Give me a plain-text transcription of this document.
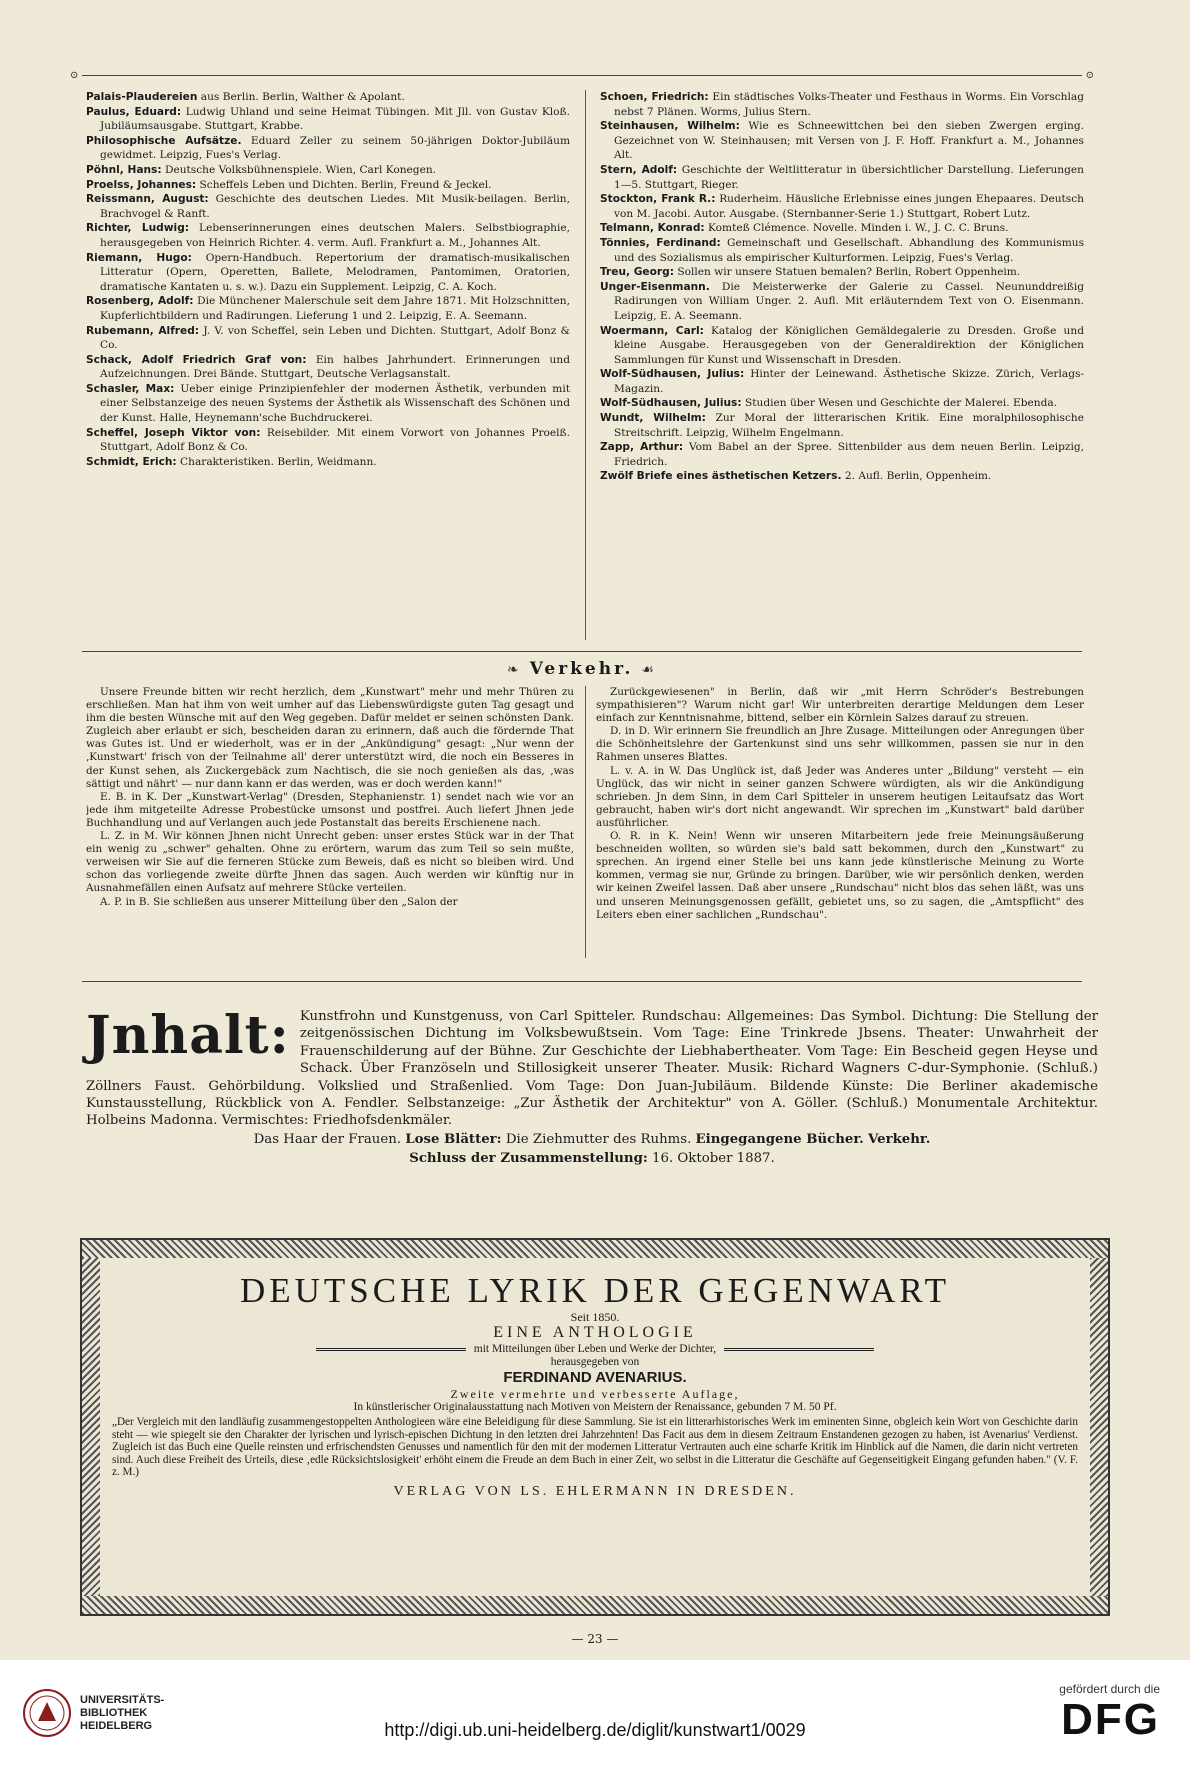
⊙	⊙
Palais-Plaudereien aus Berlin. Berlin, Walther & Apolant.
Paulus, Eduard: Ludwig Uhland und seine Heimat Tübingen. Mit Jll. von Gustav Kloß. Jubiläumsausgabe. Stuttgart, Krabbe.
Philosophische Aufsätze. Eduard Zeller zu seinem 50-jährigen Doktor-Jubiläum gewidmet. Leipzig, Fues's Verlag.
Pöhnl, Hans: Deutsche Volksbühnenspiele. Wien, Carl Konegen.
Proelss, Johannes: Scheffels Leben und Dichten. Berlin, Freund & Jeckel.
Reissmann, August: Geschichte des deutschen Liedes. Mit Musik-beilagen. Berlin, Brachvogel & Ranft.
Richter, Ludwig: Lebenserinnerungen eines deutschen Malers. Selbstbiographie, herausgegeben von Heinrich Richter. 4. verm. Aufl. Frankfurt a. M., Johannes Alt.
Riemann, Hugo: Opern-Handbuch. Repertorium der dramatisch-musikalischen Litteratur (Opern, Operetten, Ballete, Melodramen, Pantomimen, Oratorien, dramatische Kantaten u. s. w.). Dazu ein Supplement. Leipzig, C. A. Koch.
Rosenberg, Adolf: Die Münchener Malerschule seit dem Jahre 1871. Mit Holzschnitten, Kupferlichtbildern und Radirungen. Lieferung 1 und 2. Leipzig, E. A. Seemann.
Rubemann, Alfred: J. V. von Scheffel, sein Leben und Dichten. Stuttgart, Adolf Bonz & Co.
Schack, Adolf Friedrich Graf von: Ein halbes Jahrhundert. Erinnerungen und Aufzeichnungen. Drei Bände. Stuttgart, Deutsche Verlagsanstalt.
Schasler, Max: Ueber einige Prinzipienfehler der modernen Ästhetik, verbunden mit einer Selbstanzeige des neuen Systems der Ästhetik als Wissenschaft des Schönen und der Kunst. Halle, Heynemann'sche Buchdruckerei.
Scheffel, Joseph Viktor von: Reisebilder. Mit einem Vorwort von Johannes Proelß. Stuttgart, Adolf Bonz & Co.
Schmidt, Erich: Charakteristiken. Berlin, Weidmann.
Schoen, Friedrich: Ein städtisches Volks-Theater und Festhaus in Worms. Ein Vorschlag nebst 7 Plänen. Worms, Julius Stern.
Steinhausen, Wilhelm: Wie es Schneewittchen bei den sieben Zwergen erging. Gezeichnet von W. Steinhausen; mit Versen von J. F. Hoff. Frankfurt a. M., Johannes Alt.
Stern, Adolf: Geschichte der Weltlitteratur in übersichtlicher Darstellung. Lieferungen 1—5. Stuttgart, Rieger.
Stockton, Frank R.: Ruderheim. Häusliche Erlebnisse eines jungen Ehepaares. Deutsch von M. Jacobi. Autor. Ausgabe. (Sternbanner-Serie 1.) Stuttgart, Robert Lutz.
Telmann, Konrad: Komteß Clémence. Novelle. Minden i. W., J. C. C. Bruns.
Tönnies, Ferdinand: Gemeinschaft und Gesellschaft. Abhandlung des Kommunismus und des Sozialismus als empirischer Kulturformen. Leipzig, Fues's Verlag.
Treu, Georg: Sollen wir unsere Statuen bemalen? Berlin, Robert Oppenheim.
Unger-Eisenmann. Die Meisterwerke der Galerie zu Cassel. Neununddreißig Radirungen von William Unger. 2. Aufl. Mit erläuterndem Text von O. Eisenmann. Leipzig, E. A. Seemann.
Woermann, Carl: Katalog der Königlichen Gemäldegalerie zu Dresden. Große und kleine Ausgabe. Herausgegeben von der Generaldirektion der Königlichen Sammlungen für Kunst und Wissenschaft in Dresden.
Wolf-Südhausen, Julius: Hinter der Leinewand. Ästhetische Skizze. Zürich, Verlags-Magazin.
Wolf-Südhausen, Julius: Studien über Wesen und Geschichte der Malerei. Ebenda.
Wundt, Wilhelm: Zur Moral der litterarischen Kritik. Eine moralphilosophische Streitschrift. Leipzig, Wilhelm Engelmann.
Zapp, Arthur: Vom Babel an der Spree. Sittenbilder aus dem neuen Berlin. Leipzig, Friedrich.
Zwölf Briefe eines ästhetischen Ketzers. 2. Aufl. Berlin, Oppenheim.
❧ Verkehr. ☙

Unsere Freunde bitten wir recht herzlich, dem „Kunstwart" mehr und mehr Thüren zu erschließen. Man hat ihm von weit umher auf das Liebenswürdigste guten Tag gesagt und ihm die besten Wünsche mit auf den Weg gegeben. Dafür meldet er seinen schönsten Dank. Zugleich aber erlaubt er sich, bescheiden daran zu erinnern, daß auch die fördernde That was Gutes ist. Und er wiederholt, was er in der „Ankündigung" gesagt: „Nur wenn der ‚Kunstwart' frisch von der Teilnahme all' derer unterstützt wird, die noch ein Besseres in der Kunst sehen, als Zuckergebäck zum Nachtisch, die sie noch genießen als das, ‚was sättigt und nährt' — nur dann kann er das werden, was er doch werden kann!"

E. B. in K. Der „Kunstwart-Verlag" (Dresden, Stephanienstr. 1) sendet nach wie vor an jede ihm mitgeteilte Adresse Probestücke umsonst und postfrei. Auch liefert Jhnen jede Buchhandlung und auf Verlangen auch jede Postanstalt das bereits Erschienene nach.

L. Z. in M. Wir können Jhnen nicht Unrecht geben: unser erstes Stück war in der That ein wenig zu „schwer" gehalten. Ohne zu erörtern, warum das zum Teil so sein mußte, verweisen wir Sie auf die ferneren Stücke zum Beweis, daß es nicht so bleiben wird. Und schon das vorliegende zweite dürfte Jhnen das sagen. Auch werden wir künftig nur in Ausnahmefällen einen Aufsatz auf mehrere Stücke verteilen.

A. P. in B. Sie schließen aus unserer Mitteilung über den „Salon der

Zurückgewiesenen" in Berlin, daß wir „mit Herrn Schröder's Bestrebungen sympathisieren"? Warum nicht gar! Wir unterbreiten derartige Meldungen dem Leser einfach zur Kenntnisnahme, bittend, selber ein Körnlein Salzes darauf zu streuen.

D. in D. Wir erinnern Sie freundlich an Jhre Zusage. Mitteilungen oder Anregungen über die Schönheitslehre der Gartenkunst sind uns sehr willkommen, passen sie nur in den Rahmen unseres Blattes.

L. v. A. in W. Das Unglück ist, daß Jeder was Anderes unter „Bildung" versteht — ein Unglück, das wir nicht in seiner ganzen Schwere würdigten, als wir die Ankündigung schrieben. Jn dem Sinn, in dem Carl Spitteler in unserem heutigen Leitaufsatz das Wort gebraucht, haben wir's dort nicht angewandt. Wir sprechen im „Kunstwart" bald darüber ausführlicher.

O. R. in K. Nein! Wenn wir unseren Mitarbeitern jede freie Meinungsäußerung beschneiden wollten, so würden sie's bald satt bekommen, durch den „Kunstwart" zu sprechen. An irgend einer Stelle bei uns kann jede künstlerische Meinung zu Worte kommen, vermag sie nur, Gründe zu bringen. Darüber, wie wir persönlich denken, werden wir keinen Zweifel lassen. Daß aber unsere „Rundschau" nicht blos das sehen läßt, was uns und unseren Meinungsgenossen gefällt, gebietet uns, so zu sagen, die „Amtspflicht" des Leiters eben einer sachlichen „Rundschau".

Jnhalt: Kunstfrohn und Kunstgenuss, von Carl Spitteler. Rundschau: Allgemeines: Das Symbol. Dichtung: Die Stellung der zeitgenössischen Dichtung im Volksbewußtsein. Vom Tage: Eine Trinkrede Jbsens. Theater: Unwahrheit der Frauenschilderung auf der Bühne. Zur Geschichte der Liebhabertheater. Vom Tage: Ein Bescheid gegen Heyse und Schack. Über Französeln und Stillosigkeit unserer Theater. Musik: Richard Wagners C-dur-Symphonie. (Schluß.) Zöllners Faust. Gehörbildung. Volkslied und Straßenlied. Vom Tage: Don Juan-Jubiläum. Bildende Künste: Die Berliner akademische Kunstausstellung, Rückblick von A. Fendler. Selbstanzeige: „Zur Ästhetik der Architektur" von A. Göller. (Schluß.) Monumentale Architektur. Holbeins Madonna. Vermischtes: Friedhofsdenkmäler.
Das Haar der Frauen. Lose Blätter: Die Ziehmutter des Ruhms. Eingegangene Bücher. Verkehr.
Schluss der Zusammenstellung: 16. Oktober 1887.
DEUTSCHE LYRIK DER GEGENWART
Seit 1850.
EINE ANTHOLOGIE
mit Mitteilungen über Leben und Werke der Dichter,
herausgegeben von
FERDINAND AVENARIUS.
Zweite vermehrte und verbesserte Auflage,
In künstlerischer Originalausstattung nach Motiven von Meistern der Renaissance, gebunden 7 M. 50 Pf.
„Der Vergleich mit den landläufig zusammengestoppelten Anthologieen wäre eine Beleidigung für diese Sammlung. Sie ist ein litterarhistorisches Werk im eminenten Sinne, obgleich kein Wort von Geschichte darin steht — wie spiegelt sie den Charakter der lyrischen und lyrisch-epischen Dichtung in den letzten drei Jahrzehnten! Das Facit aus dem in diesem Zeitraum Enstandenen gezogen zu haben, ist Avenarius' Verdienst. Zugleich ist das Buch eine Quelle reinsten und erfrischendsten Genusses und namentlich für den mit der modernen Litteratur Vertrauten auch eine scharfe Kritik im Hinblick auf die Namen, die darin nicht vertreten sind. Auch diese Freiheit des Urteils, diese ‚edle Rücksichtslosigkeit' erhöht einem die Freude an dem Buch in einer Zeit, wo selbst in die Litteratur die Geschäfte auf Gegenseitigkeit Eingang gefunden haben." (V. F. z. M.)
VERLAG VON LS. EHLERMANN IN DRESDEN.
— 23 —
UNIVERSITÄTS- BIBLIOTHEK HEIDELBERG	http://digi.ub.uni-heidelberg.de/diglit/kunstwart1/0029
gefördert durch die
DFG
